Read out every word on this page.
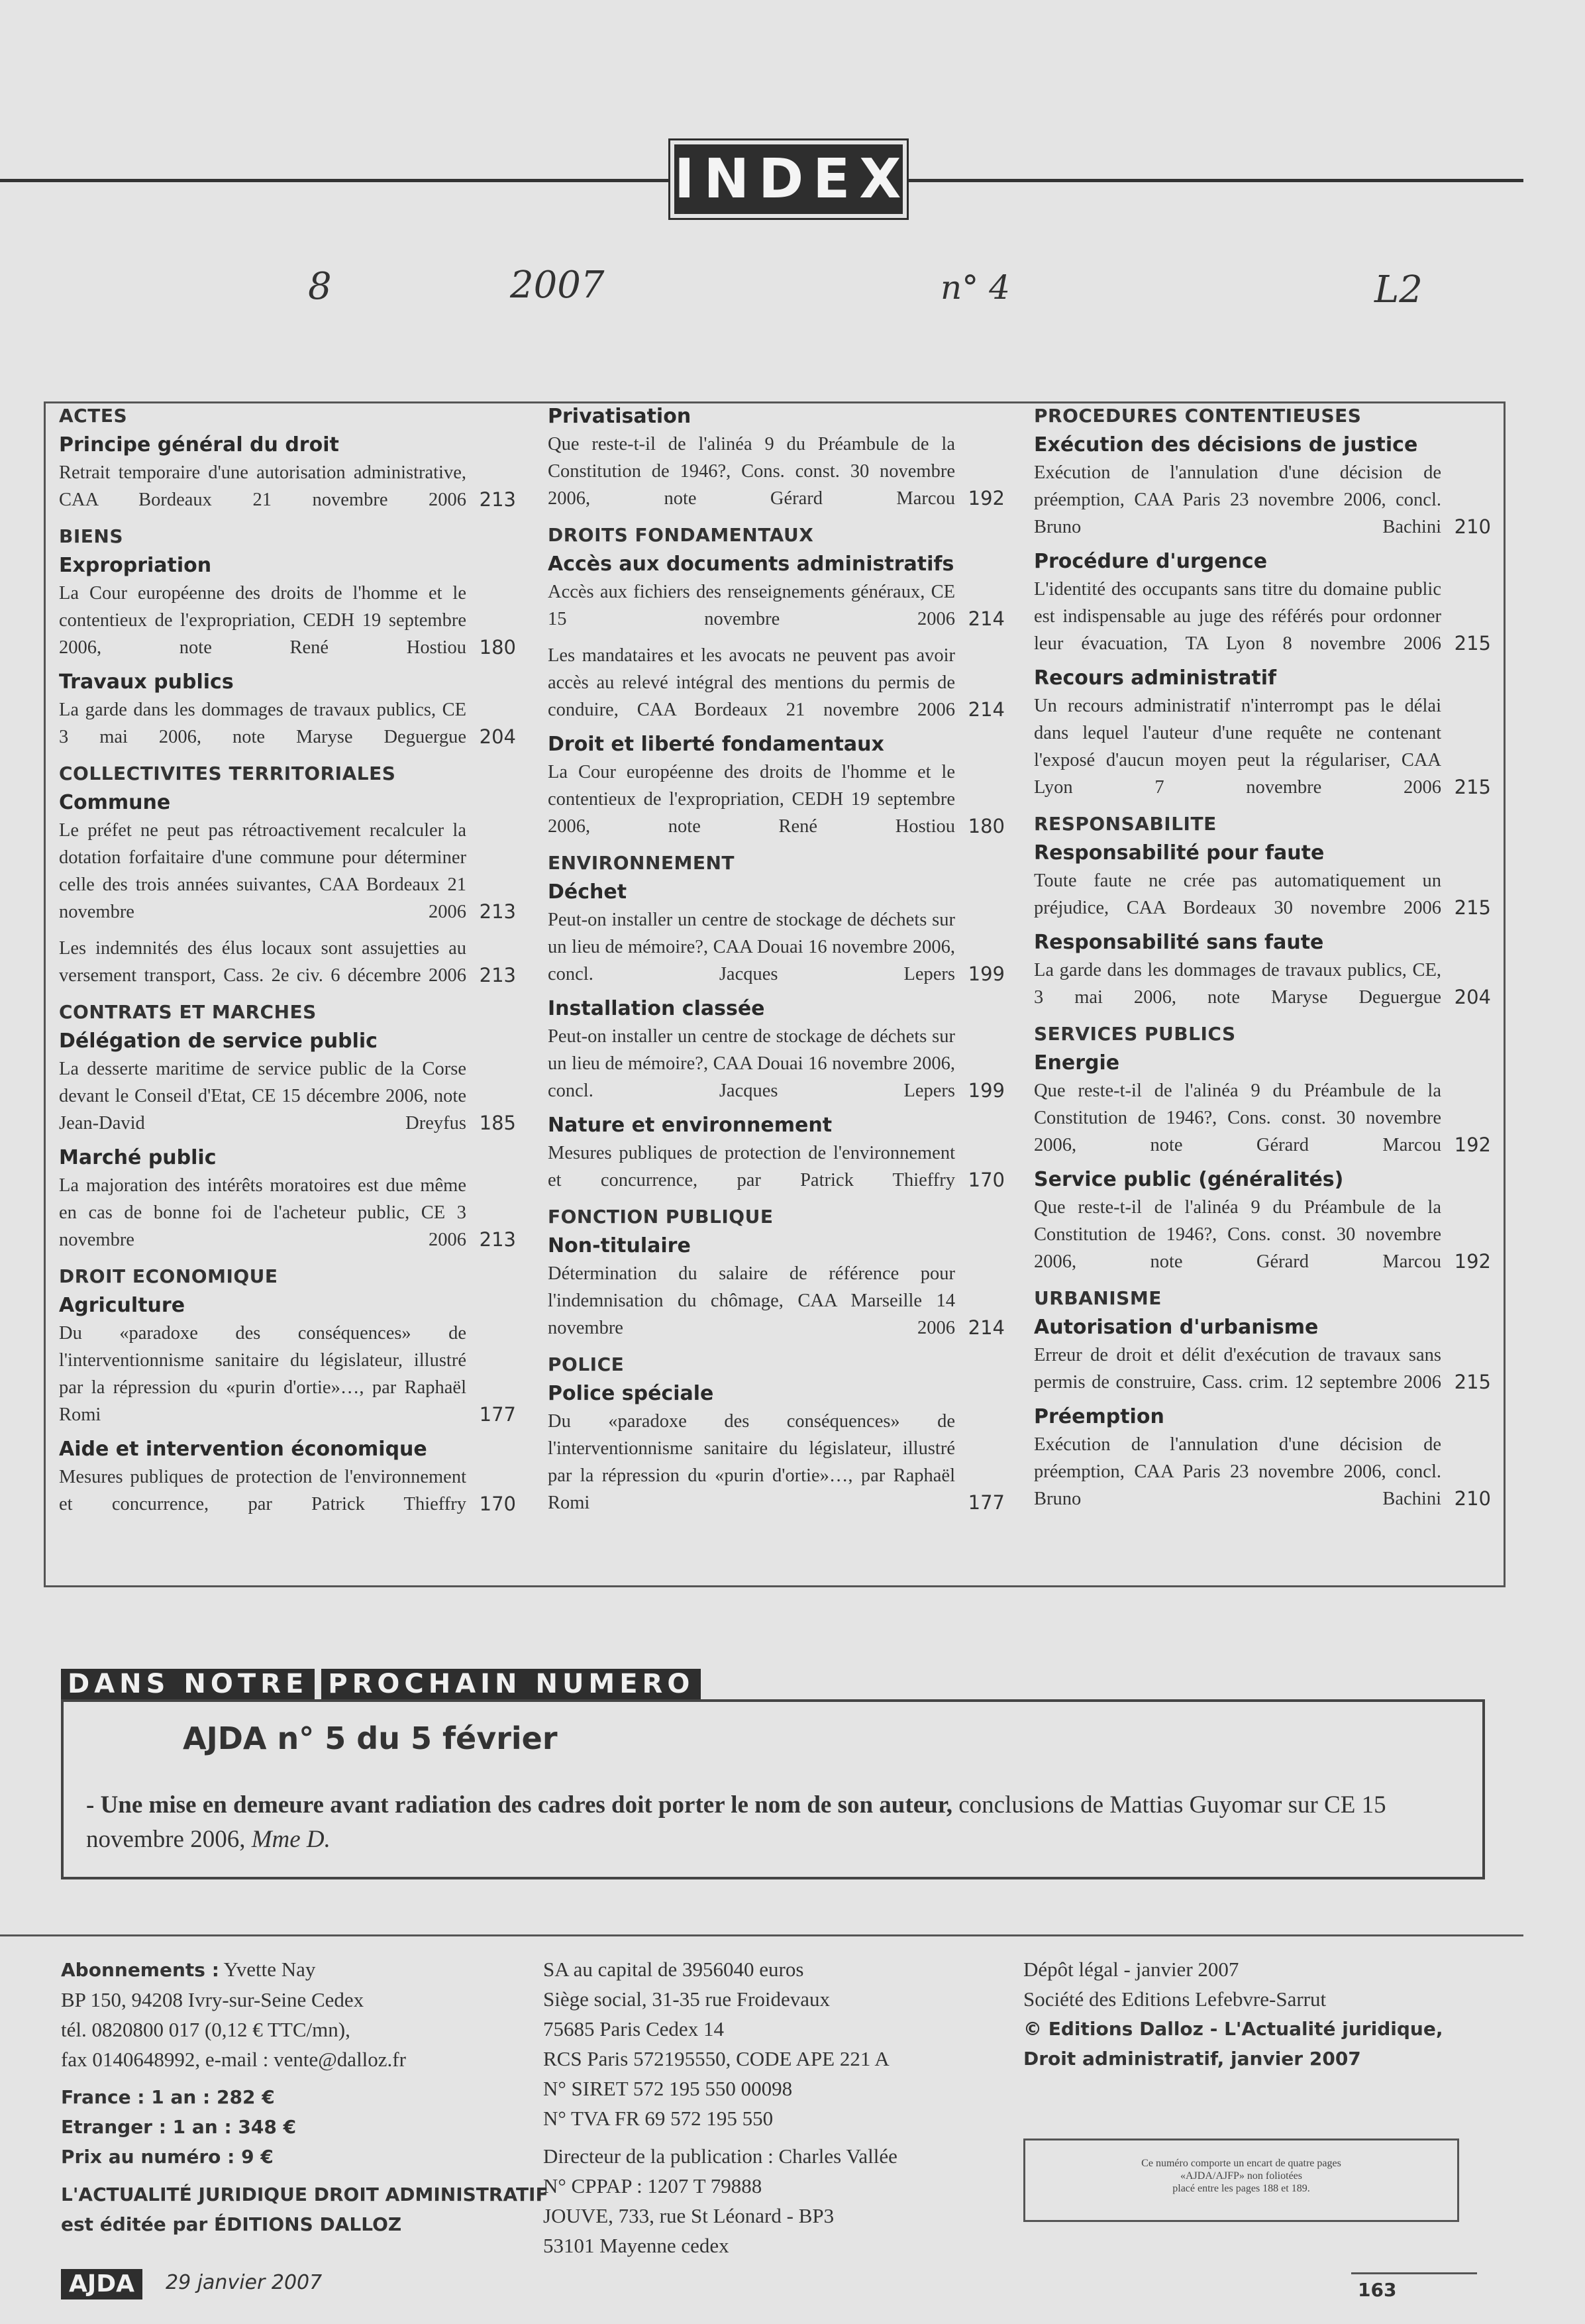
INDEX
8	2007	n° 4	L2
ACTES
Principe général du droit
Retrait temporaire d'une autorisation administrative, CAA Bordeaux 21 novembre 2006 ..... 213
BIENS
Expropriation
La Cour européenne des droits de l'homme et le contentieux de l'expropriation, CEDH 19 septembre 2006, note René Hostiou ..... 180
Travaux publics
La garde dans les dommages de travaux publics, CE 3 mai 2006, note Maryse Deguergue ..... 204
COLLECTIVITES TERRITORIALES
Commune
Le préfet ne peut pas rétroactivement recalculer la dotation forfaitaire d'une commune pour déterminer celle des trois années suivantes, CAA Bordeaux 21 novembre 2006 ..... 213
Les indemnités des élus locaux sont assujetties au versement transport, Cass. 2e civ. 6 décembre 2006 ..... 213
CONTRATS ET MARCHES
Délégation de service public
La desserte maritime de service public de la Corse devant le Conseil d'Etat, CE 15 décembre 2006, note Jean-David Dreyfus ..... 185
Marché public
La majoration des intérêts moratoires est due même en cas de bonne foi de l'acheteur public, CE 3 novembre 2006 ..... 213
DROIT ECONOMIQUE
Agriculture
Du «paradoxe des conséquences» de l'interventionnisme sanitaire du législateur, illustré par la répression du «purin d'ortie»…, par Raphaël Romi .....	177
Aide et intervention économique
Mesures publiques de protection de l'environnement et concurrence, par Patrick Thieffry ..... 170
Privatisation
Que reste-t-il de l'alinéa 9 du Préambule de la Constitution de 1946?, Cons. const. 30 novembre 2006, note Gérard Marcou ..... 192
DROITS FONDAMENTAUX
Accès aux documents administratifs
Accès aux fichiers des renseignements généraux, CE 15 novembre 2006 ..... 214
Les mandataires et les avocats ne peuvent pas avoir accès au relevé intégral des mentions du permis de conduire, CAA Bordeaux 21 novembre 2006 ..... 214
Droit et liberté fondamentaux
La Cour européenne des droits de l'homme et le contentieux de l'expropriation, CEDH 19 septembre 2006, note René Hostiou ..... 180
ENVIRONNEMENT
Déchet
Peut-on installer un centre de stockage de déchets sur un lieu de mémoire?, CAA Douai 16 novembre 2006, concl. Jacques Lepers ..... 199
Installation classée
Peut-on installer un centre de stockage de déchets sur un lieu de mémoire?, CAA Douai 16 novembre 2006, concl. Jacques Lepers ..... 199
Nature et environnement
Mesures publiques de protection de l'environnement et concurrence, par Patrick Thieffry ..... 170
FONCTION PUBLIQUE
Non-titulaire
Détermination du salaire de référence pour l'indemnisation du chômage, CAA Marseille 14 novembre 2006 ..... 214
POLICE
Police spéciale
Du «paradoxe des conséquences» de l'interventionnisme sanitaire du législateur, illustré par la répression du «purin d'ortie»…, par Raphaël Romi .....	177
PROCEDURES CONTENTIEUSES
Exécution des décisions de justice
Exécution de l'annulation d'une décision de préemption, CAA Paris 23 novembre 2006, concl. Bruno Bachini ..... 210
Procédure d'urgence
L'identité des occupants sans titre du domaine public est indispensable au juge des référés pour ordonner leur évacuation, TA Lyon 8 novembre 2006 ..... 215
Recours administratif
Un recours administratif n'interrompt pas le délai dans lequel l'auteur d'une requête ne contenant l'exposé d'aucun moyen peut la régulariser, CAA Lyon 7 novembre 2006 ..... 215
RESPONSABILITE
Responsabilité pour faute
Toute faute ne crée pas automatiquement un préjudice, CAA Bordeaux 30 novembre 2006 ..... 215
Responsabilité sans faute
La garde dans les dommages de travaux publics, CE, 3 mai 2006, note Maryse Deguergue ..... 204
SERVICES PUBLICS
Energie
Que reste-t-il de l'alinéa 9 du Préambule de la Constitution de 1946?, Cons. const. 30 novembre 2006, note Gérard Marcou ..... 192
Service public (généralités)
Que reste-t-il de l'alinéa 9 du Préambule de la Constitution de 1946?, Cons. const. 30 novembre 2006, note Gérard Marcou ..... 192
URBANISME
Autorisation d'urbanisme
Erreur de droit et délit d'exécution de travaux sans permis de construire, Cass. crim. 12 septembre 2006 ..... 215
Préemption
Exécution de l'annulation d'une décision de préemption, CAA Paris 23 novembre 2006, concl. Bruno Bachini ..... 210
DANS NOTRE PROCHAIN NUMERO
AJDA n° 5 du 5 février
- Une mise en demeure avant radiation des cadres doit porter le nom de son auteur, conclusions de Mattias Guyomar sur CE 15 novembre 2006, Mme D.
Abonnements : Yvette Nay
BP 150, 94208 Ivry-sur-Seine Cedex
tél. 0820800 017 (0,12 € TTC/mn),
fax 0140648992, e-mail : vente@dalloz.fr
France : 1 an : 282 €
Etranger : 1 an : 348 €
Prix au numéro : 9 €
L'ACTUALITÉ JURIDIQUE DROIT ADMINISTRATIF
est éditée par ÉDITIONS DALLOZ
SA au capital de 3956040 euros
Siège social, 31-35 rue Froidevaux
75685 Paris Cedex 14
RCS Paris 572195550, CODE APE 221 A
N° SIRET 572 195 550 00098
N° TVA FR 69 572 195 550
Directeur de la publication : Charles Vallée
N° CPPAP : 1207 T 79888
JOUVE, 733, rue St Léonard - BP3
53101 Mayenne cedex
Dépôt légal - janvier 2007
Société des Editions Lefebvre-Sarrut
© Editions Dalloz - L'Actualité juridique,
Droit administratif, janvier 2007
Ce numéro comporte un encart de quatre pages
«AJDA/AJFP» non foliotées
placé entre les pages 188 et 189.
AJDA	29 janvier 2007	163
